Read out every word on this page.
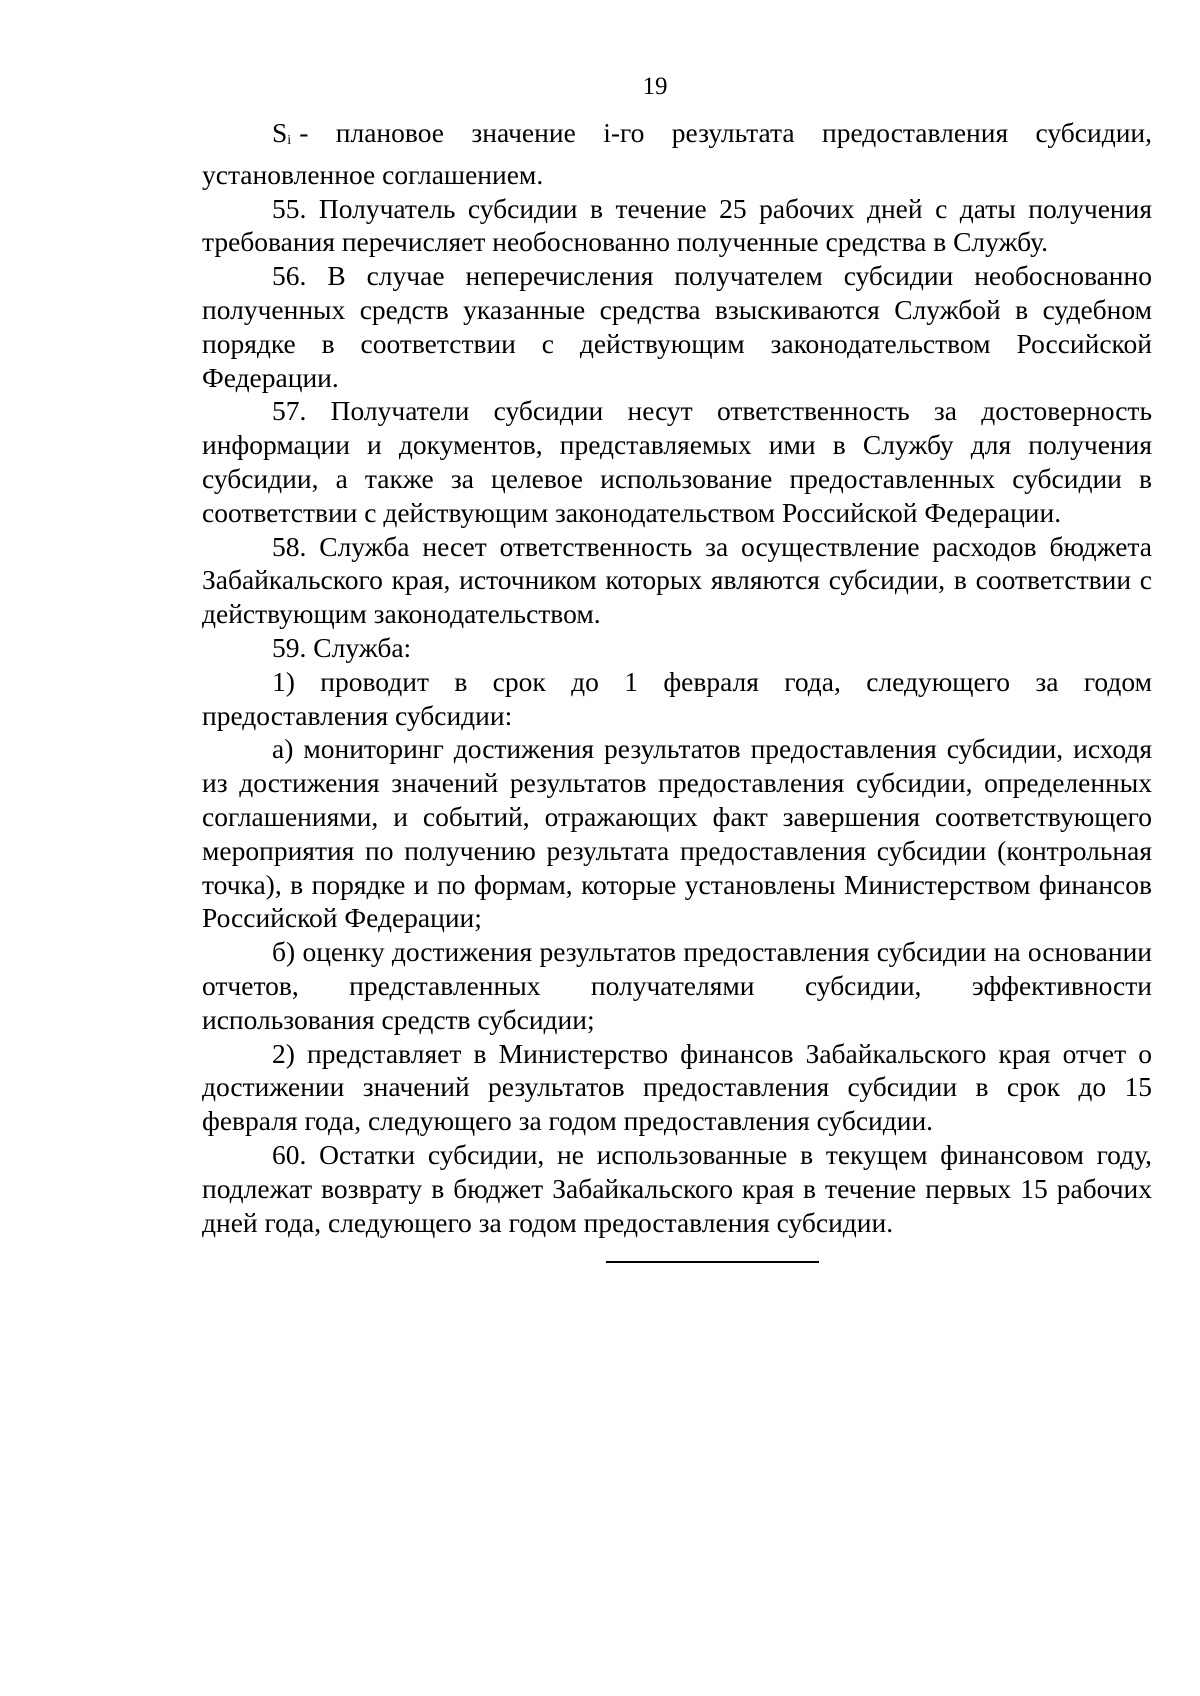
19

$S_i$ - плановое значение i-го результата предоставления субсидии, установленное соглашением.

55. Получатель субсидии в течение 25 рабочих дней с даты получения требования перечисляет необоснованно полученные средства в Службу.

56. В случае неперечисления получателем субсидии необоснованно полученных средств указанные средства взыскиваются Службой в судебном порядке в соответствии с действующим законодательством Российской Федерации.

57. Получатели субсидии несут ответственность за достоверность информации и документов, представляемых ими в Службу для получения субсидии, а также за целевое использование предоставленных субсидии в соответствии с действующим законодательством Российской Федерации.

58. Служба несет ответственность за осуществление расходов бюджета Забайкальского края, источником которых являются субсидии, в соответствии с действующим законодательством.

59. Служба:

1) проводит в срок до 1 февраля года, следующего за годом предоставления субсидии:

а) мониторинг достижения результатов предоставления субсидии, исходя из достижения значений результатов предоставления субсидии, определенных соглашениями, и событий, отражающих факт завершения соответствующего мероприятия по получению результата предоставления субсидии (контрольная точка), в порядке и по формам, которые установлены Министерством финансов Российской Федерации;

б) оценку достижения результатов предоставления субсидии на основании отчетов, представленных получателями субсидии, эффективности использования средств субсидии;

2) представляет в Министерство финансов Забайкальского края отчет о достижении значений результатов предоставления субсидии в срок до 15 февраля года, следующего за годом предоставления субсидии.

60. Остатки субсидии, не использованные в текущем финансовом году, подлежат возврату в бюджет Забайкальского края в течение первых 15 рабочих дней года, следующего за годом предоставления субсидии.
